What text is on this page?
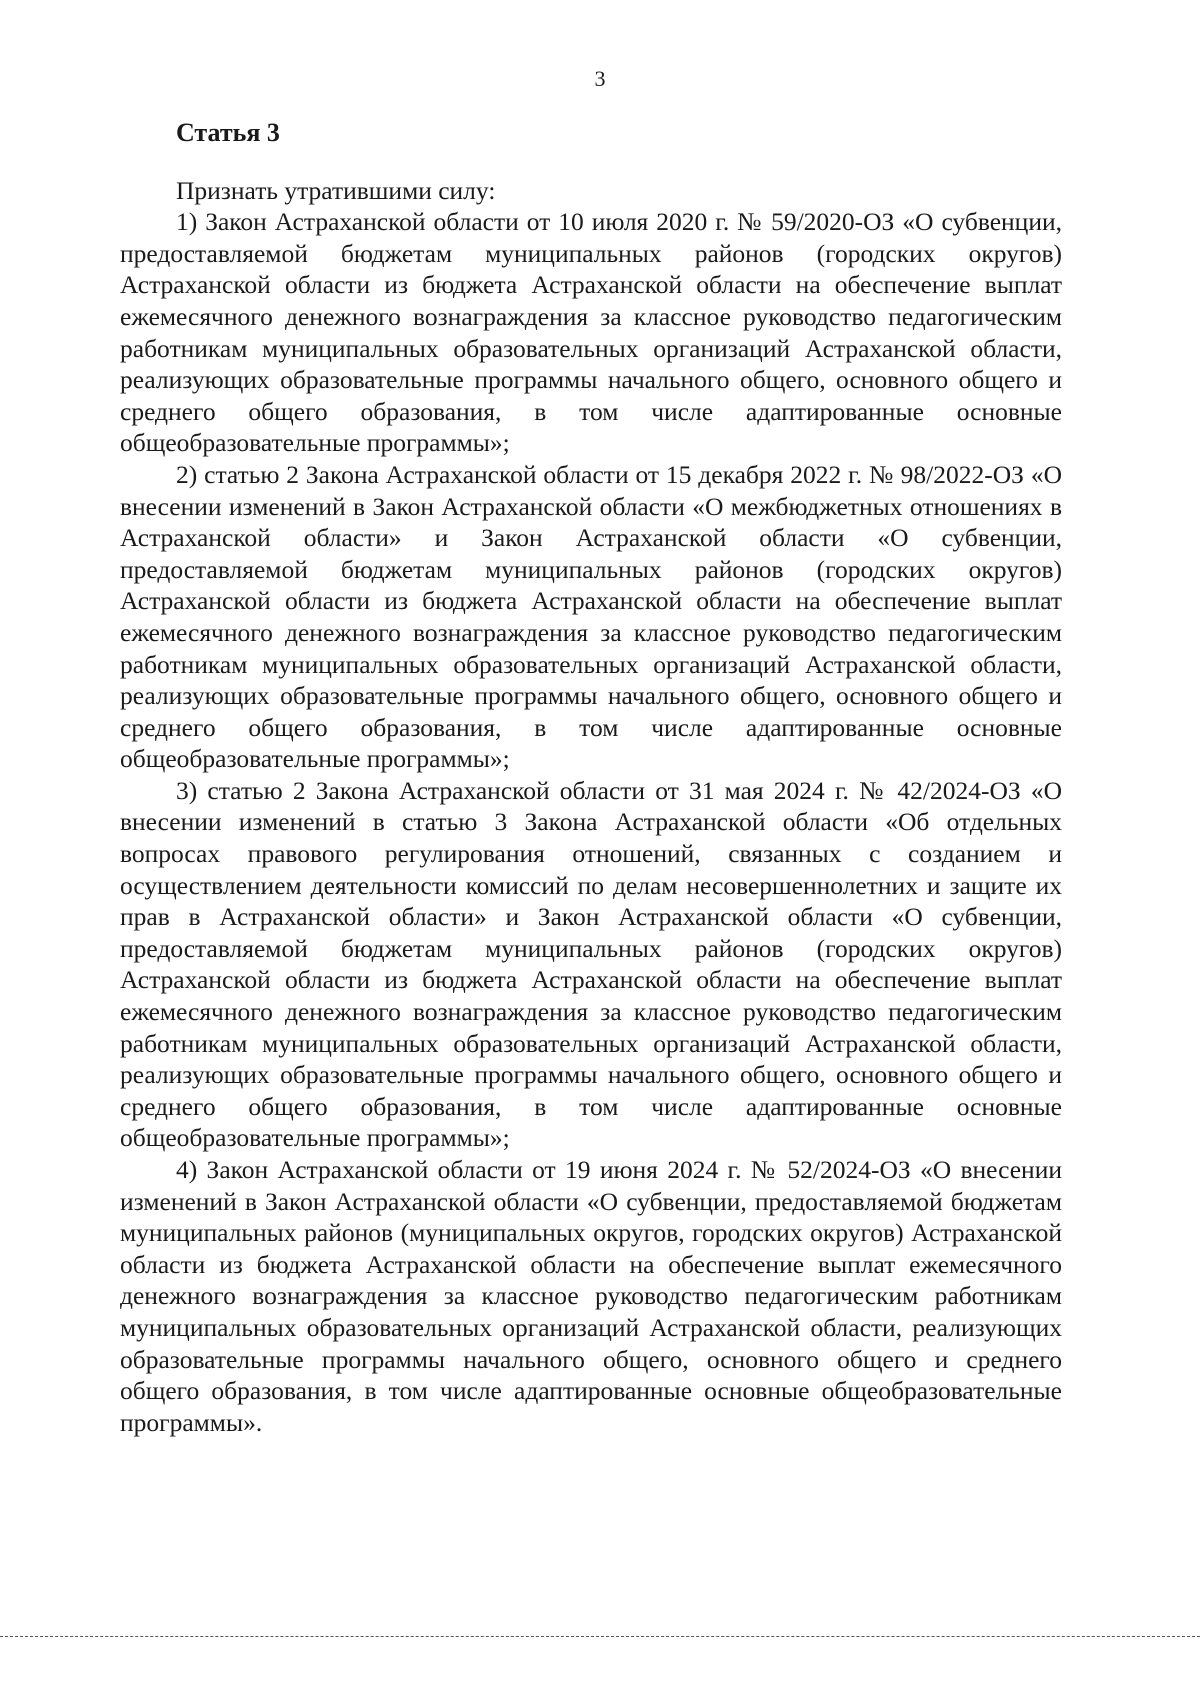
3
Статья 3

Признать утратившими силу:

1) Закон Астраханской области от 10 июля 2020 г. № 59/2020-ОЗ «О субвенции, предоставляемой бюджетам муниципальных районов (городских округов) Астраханской области из бюджета Астраханской области на обеспечение выплат ежемесячного денежного вознаграждения за классное руководство педагогическим работникам муниципальных образовательных организаций Астраханской области, реализующих образовательные программы начального общего, основного общего и среднего общего образования, в том числе адаптированные основные общеобразовательные программы»;

2) статью 2 Закона Астраханской области от 15 декабря 2022 г. № 98/2022-ОЗ «О внесении изменений в Закон Астраханской области «О межбюджетных отношениях в Астраханской области» и Закон Астраханской области «О субвенции, предоставляемой бюджетам муниципальных районов (городских округов) Астраханской области из бюджета Астраханской области на обеспечение выплат ежемесячного денежного вознаграждения за классное руководство педагогическим работникам муниципальных образовательных организаций Астраханской области, реализующих образовательные программы начального общего, основного общего и среднего общего образования, в том числе адаптированные основные общеобразовательные программы»;

3) статью 2 Закона Астраханской области от 31 мая 2024 г. № 42/2024-ОЗ «О внесении изменений в статью 3 Закона Астраханской области «Об отдельных вопросах правового регулирования отношений, связанных с созданием и осуществлением деятельности комиссий по делам несовершеннолетних и защите их прав в Астраханской области» и Закон Астраханской области «О субвенции, предоставляемой бюджетам муниципальных районов (городских округов) Астраханской области из бюджета Астраханской области на обеспечение выплат ежемесячного денежного вознаграждения за классное руководство педагогическим работникам муниципальных образовательных организаций Астраханской области, реализующих образовательные программы начального общего, основного общего и среднего общего образования, в том числе адаптированные основные общеобразовательные программы»;

4) Закон Астраханской области от 19 июня 2024 г. № 52/2024-ОЗ «О внесении изменений в Закон Астраханской области «О субвенции, предоставляемой бюджетам муниципальных районов (муниципальных округов, городских округов) Астраханской области из бюджета Астраханской области на обеспечение выплат ежемесячного денежного вознаграждения за классное руководство педагогическим работникам муниципальных образовательных организаций Астраханской области, реализующих образовательные программы начального общего, основного общего и среднего общего образования, в том числе адаптированные основные общеобразовательные программы».
